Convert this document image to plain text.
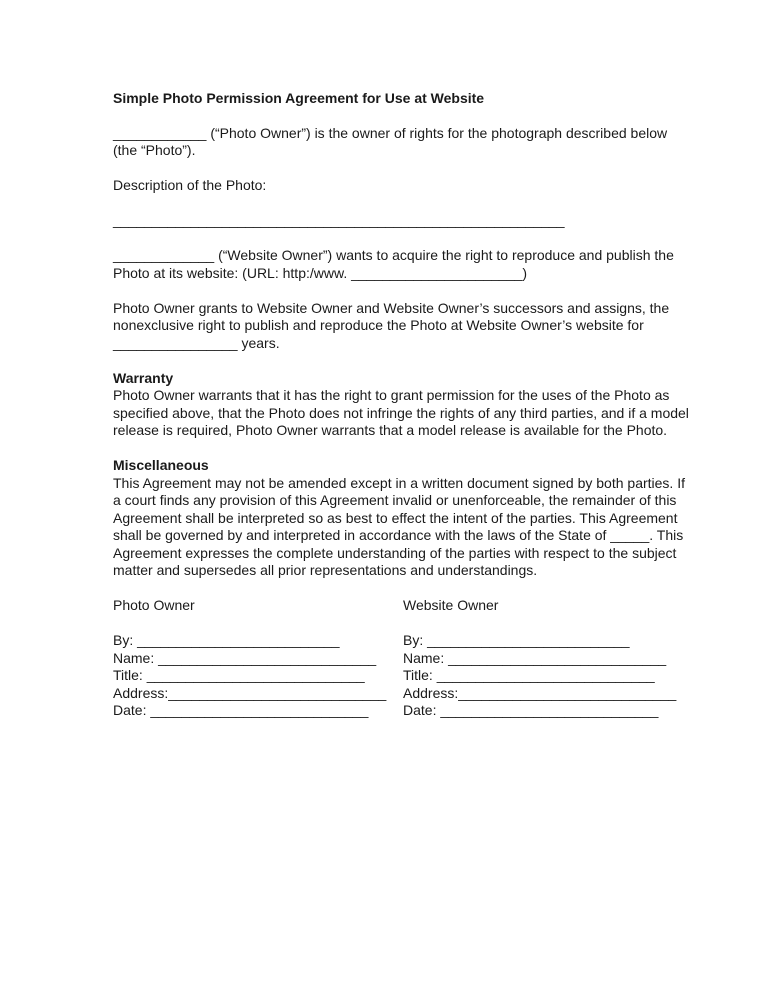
Simple Photo Permission Agreement for Use at Website

____________ (“Photo Owner”) is the owner of rights for the photograph described below (the “Photo”).

Description of the Photo:

__________________________________________________________

_____________ (“Website Owner”) wants to acquire the right to reproduce and publish the Photo at its website: (URL: http:/www. ______________________)

Photo Owner grants to Website Owner and Website Owner’s successors and assigns, the nonexclusive right to publish and reproduce the Photo at Website Owner’s website for ________________ years.

Warranty

Photo Owner warrants that it has the right to grant permission for the uses of the Photo as specified above, that the Photo does not infringe the rights of any third parties, and if a model release is required, Photo Owner warrants that a model release is available for the Photo.

Miscellaneous

This Agreement may not be amended except in a written document signed by both parties. If a court finds any provision of this Agreement invalid or unenforceable, the remainder of this Agreement shall be interpreted so as best to effect the intent of the parties. This Agreement shall be governed by and interpreted in accordance with the laws of the State of _____. This Agreement expresses the complete understanding of the parties with respect to the subject matter and supersedes all prior representations and understandings.

Photo Owner
By: __________________________
Name: ____________________________
Title: ____________________________
Address:____________________________
Date: ____________________________
Website Owner
By: __________________________
Name: ____________________________
Title: ____________________________
Address:____________________________
Date: ____________________________
